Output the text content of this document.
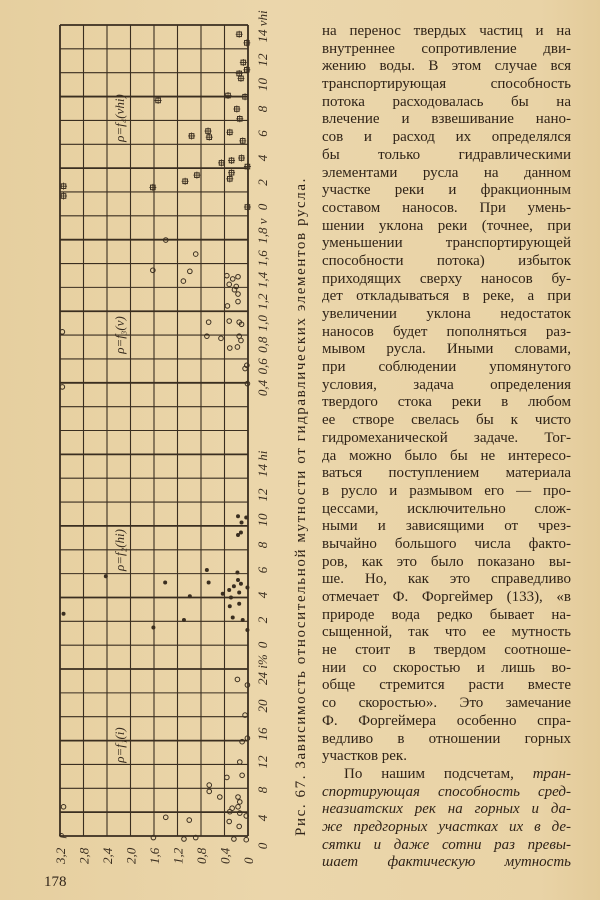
3,2 2,8 2,4 2,0 1,6 1,2 0,8 0,4 0
ρ
0
2
4
6
8
10
12
14 vhi
ρ=f₄(vhi)
0,4
0,6
0,8
1,0
1,2
1,4
1,6
1,8 v
ρ=f₃(v)
0
2
4
6
8
10
12
14 hi
ρ=f₂(hi)
0
4
8
12
16
20
24 i%
ρ=f₁(i)	Рис. 67. Зависимость относительной мутности от гидравлических элементов русла.
на перенос твердых частиц и на
внутреннее сопротивление дви-
жению воды. В этом случае вся
транспортирующая способность
потока расходовалась бы на
влечение и взвешивание нано-
сов и расход их определялся
бы только гидравлическими
элементами русла на данном
участке реки и фракционным
составом наносов. При умень-
шении уклона реки (точнее, при
уменьшении транспортирующей
способности потока) избыток
приходящих сверху наносов бу-
дет откладываться в реке, а при
увеличении уклона недостаток
наносов будет пополняться раз-
мывом русла. Иными словами,
при соблюдении упомянутого
условия, задача определения
твердого стока реки в любом
ее створе свелась бы к чисто
гидромеханической задаче. Тог-
да можно было бы не интересо-
ваться поступлением материала
в русло и размывом его — про-
цессами, исключительно слож-
ными и зависящими от чрез-
вычайно большого числа факто-
ров, как это было показано вы-
ше. Но, как это справедливо
отмечает Ф. Форгеймер (133), «в
природе вода редко бывает на-
сыщенной, так что ее мутность
не стоит в твердом соотноше-
нии со скоростью и лишь во-
обще стремится расти вместе
со скоростью». Это замечание
Ф. Форгеймера особенно спра-
ведливо в отношении горных
участков рек.
По нашим подсчетам, тран-
спортирующая способность сред-
неазиатских рек на горных и да-
же предгорных участках их в де-
сятки и даже сотни раз превы-
шает фактическую мутность
178
